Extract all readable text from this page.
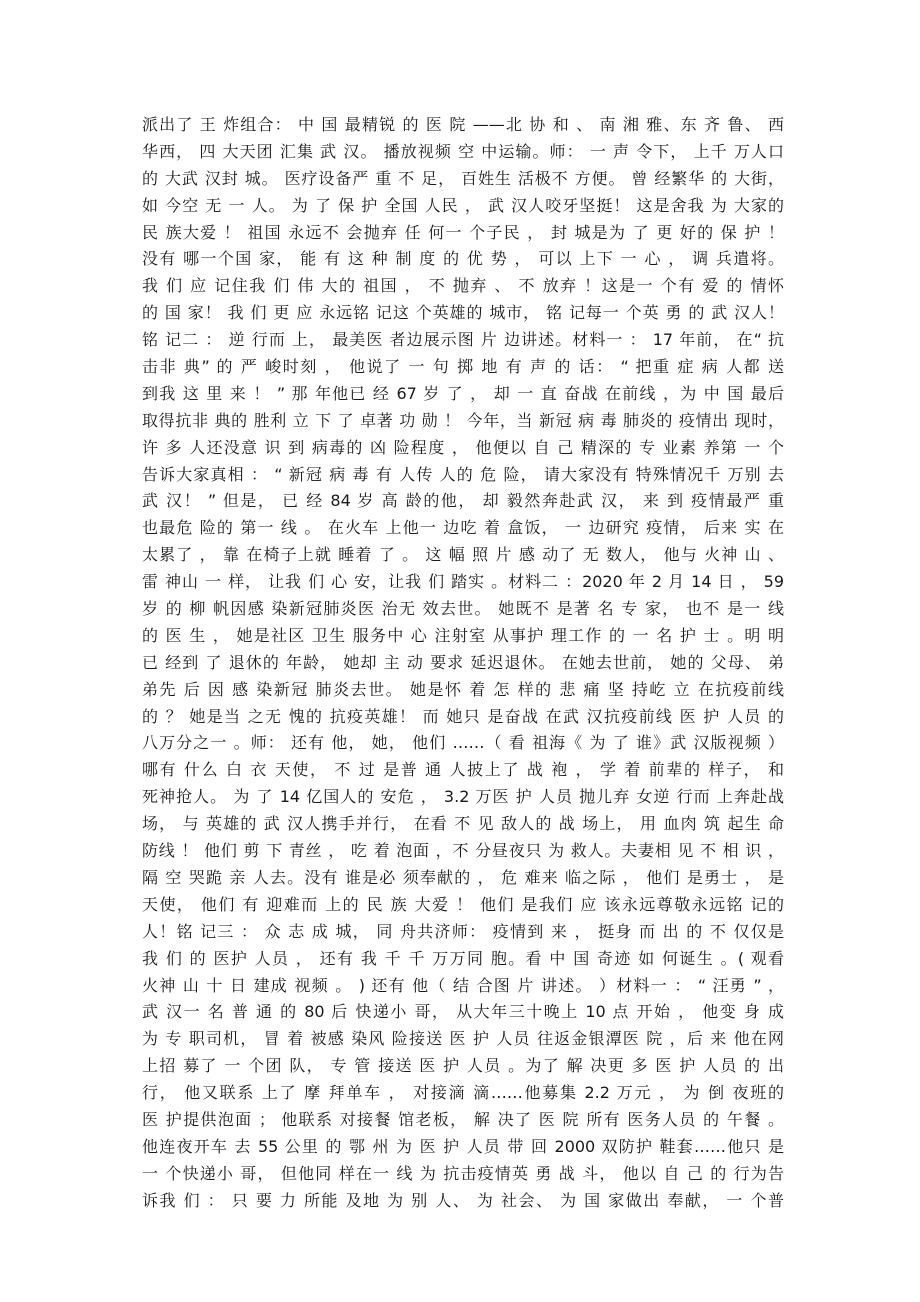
派出了 王 炸组合： 中 国 最精锐 的 医 院 ——北 协 和 、 南 湘 雅、东 齐 鲁、 西
华西， 四 大天团 汇集 武 汉。 播放视频 空 中运输。师： 一 声 令下， 上千 万人口
的 大武 汉封 城。 医疗设备严 重 不 足， 百姓生 活极不 方便。 曾 经繁华 的 大街，
如 今空 无 一 人。 为 了 保 护 全国 人民 ， 武 汉人咬牙坚挺！ 这是舍我 为 大家的
民 族大爱 ！ 祖国 永远不 会抛弃 任 何一 个子民 ， 封 城是为 了 更 好的 保 护 ！
没有 哪一个国 家， 能 有 这 种 制 度 的 优 势 ， 可以 上下 一 心 ， 调 兵遣将。
我 们 应 记住我 们 伟 大的 祖国 ， 不 抛弃 、 不 放弃 ！这是一 个有 爱 的 情怀
的 国 家！ 我 们 更 应 永远铭 记这 个英雄的 城市， 铭 记每一 个英 勇 的 武 汉人！
铭 记二 ： 逆 行而 上， 最美医 者边展示图 片 边讲述。材料一 ： 17 年前， 在“ 抗
击非 典” 的 严 峻时刻 ， 他说了 一 句 掷 地 有 声 的 话： “ 把重 症 病 人都 送
到我 这 里 来 ！ ” 那 年他已 经 67 岁 了 ， 却 一 直 奋战 在前线 ，为 中 国 最后
取得抗非 典的 胜利 立 下 了 卓著 功 勋 ！ 今年，当 新冠 病 毒 肺炎的 疫情出 现时，
许 多 人还没意 识 到 病毒的 凶 险程度 ， 他便以 自 己 精深的 专 业素 养第 一 个
告诉大家真相 ： “ 新冠 病 毒 有 人传 人的 危 险， 请大家没有 特殊情况千 万别 去
武 汉！ ” 但是， 已 经 84 岁 高 龄的他， 却 毅然奔赴武 汉， 来 到 疫情最严 重
也最危 险的 第一 线 。 在火车 上他一 边吃 着 盒饭， 一 边研究 疫情， 后来 实 在
太累了 ， 靠 在椅子上就 睡着 了 。 这 幅 照 片 感 动了 无 数人， 他与 火神 山 、
雷 神山 一 样， 让我 们 心 安，让我 们 踏实 。材料二 ：2020 年 2 月 14 日 ， 59
岁 的 柳 帆因感 染新冠肺炎医 治无 效去世。 她既不 是著 名 专 家， 也不 是一 线
的 医 生 ， 她是社区 卫生 服务中 心 注射室 从事护 理工作 的 一 名 护 士 。明 明
已 经到 了 退休的 年龄， 她却 主 动 要求 延迟退休。 在她去世前， 她的 父母、 弟
弟先 后 因 感 染新冠 肺炎去世。 她是怀 着 怎 样的 悲 痛 坚 持屹 立 在抗疫前线
的 ？ 她是当 之无 愧的 抗疫英雄！ 而 她只 是奋战 在武 汉抗疫前线 医 护 人员 的
八万分之一 。师： 还有 他， 她， 他们 ……（ 看 祖海《 为 了 谁》武 汉版视频 ）
哪有 什么 白 衣 天使， 不 过 是普 通 人披上了 战 袍 ， 学 着 前辈的 样子， 和
死神抢人。 为 了 14 亿国人的 安危 ， 3.2 万医 护 人员 抛儿弃 女逆 行而 上奔赴战
场， 与 英雄的 武 汉人携手并行， 在看 不 见 敌人的 战 场上， 用 血肉 筑 起生 命
防线 ！ 他们 剪 下 青丝 ， 吃 着 泡面 ，不 分昼夜只 为 救人。夫妻相 见 不 相 识 ，
隔 空 哭跪 亲 人去。没有 谁是必 须奉献的 ， 危 难来 临之际 ， 他们 是勇士 ， 是
天使， 他们 有 迎难而 上的 民 族 大爱 ！ 他们 是我们 应 该永远尊敬永远铭 记的
人！铭 记三 ： 众 志 成 城， 同 舟共济师： 疫情到 来 ， 挺身 而 出 的 不 仅仅是
我 们 的 医护 人员 ， 还有 我 千 千 万万同 胞。看 中 国 奇迹 如 何诞生 。( 观看
火神 山 十 日 建成 视频 。 ) 还有 他（ 结 合图 片 讲述。 ）材料一 ： “ 汪勇 ” ，
武 汉一 名 普 通 的 80 后 快递小 哥， 从大年三十晚上 10 点 开始 ， 他变 身 成
为 专 职司机， 冒 着 被感 染风 险接送 医 护 人员 往返金银潭医 院 ，后 来 他在网
上招 募了 一 个团 队， 专 管 接送 医 护 人员 。为了 解 决更 多 医 护 人员 的 出
行， 他又联系 上了 摩 拜单车 ， 对接滴 滴……他募集 2.2 万元 ， 为 倒 夜班的
医 护提供泡面 ； 他联系 对接餐 馆老板， 解 决了 医 院 所有 医务人员 的 午餐 。
他连夜开车 去 55 公里 的 鄂 州 为 医 护 人员 带 回 2000 双防护 鞋套……他只 是
一 个快递小 哥， 但他同 样在一 线 为 抗击疫情英 勇 战 斗， 他以 自 己 的 行为告
诉我 们 ： 只 要 力 所能 及地 为 别 人、 为 社会、 为 国 家做出 奉献， 一 个普
